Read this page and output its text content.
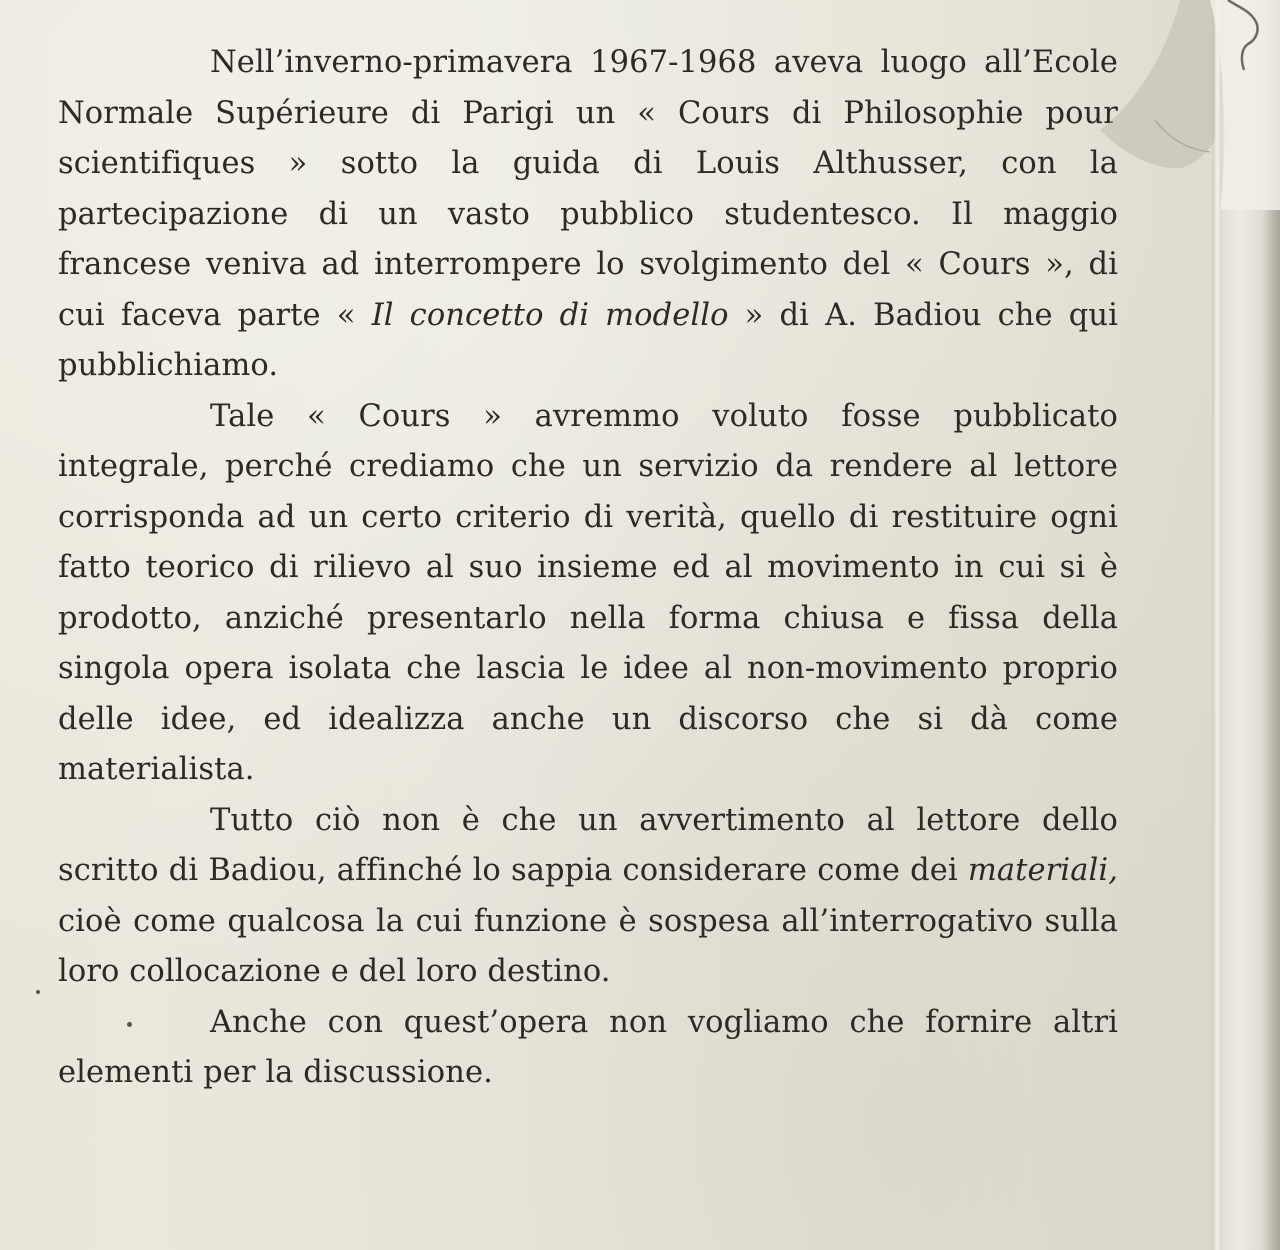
Nell’inverno-primavera 1967-1968 aveva luogo all’Ecole Normale Supérieure di Parigi un « Cours di Philosophie pour scientifiques » sotto la guida di Louis Althusser, con la partecipazione di un vasto pubblico studentesco. Il maggio francese veniva ad interrompere lo svolgimento del « Cours », di cui faceva parte « Il concetto di modello » di A. Badiou che qui pubblichiamo.

Tale « Cours » avremmo voluto fosse pubblicato integrale, perché crediamo che un servizio da rendere al lettore corrisponda ad un certo criterio di verità, quello di restituire ogni fatto teorico di rilievo al suo insieme ed al movimento in cui si è prodotto, anziché presentarlo nella forma chiusa e fissa della singola opera isolata che lascia le idee al non-movimento proprio delle idee, ed idealizza anche un discorso che si dà come materialista.

Tutto ciò non è che un avvertimento al lettore dello scritto di Badiou, affinché lo sappia considerare come dei materiali, cioè come qualcosa la cui funzione è sospesa all’interrogativo sulla loro collocazione e del loro destino.

Anche con quest’opera non vogliamo che fornire altri elementi per la discussione.
